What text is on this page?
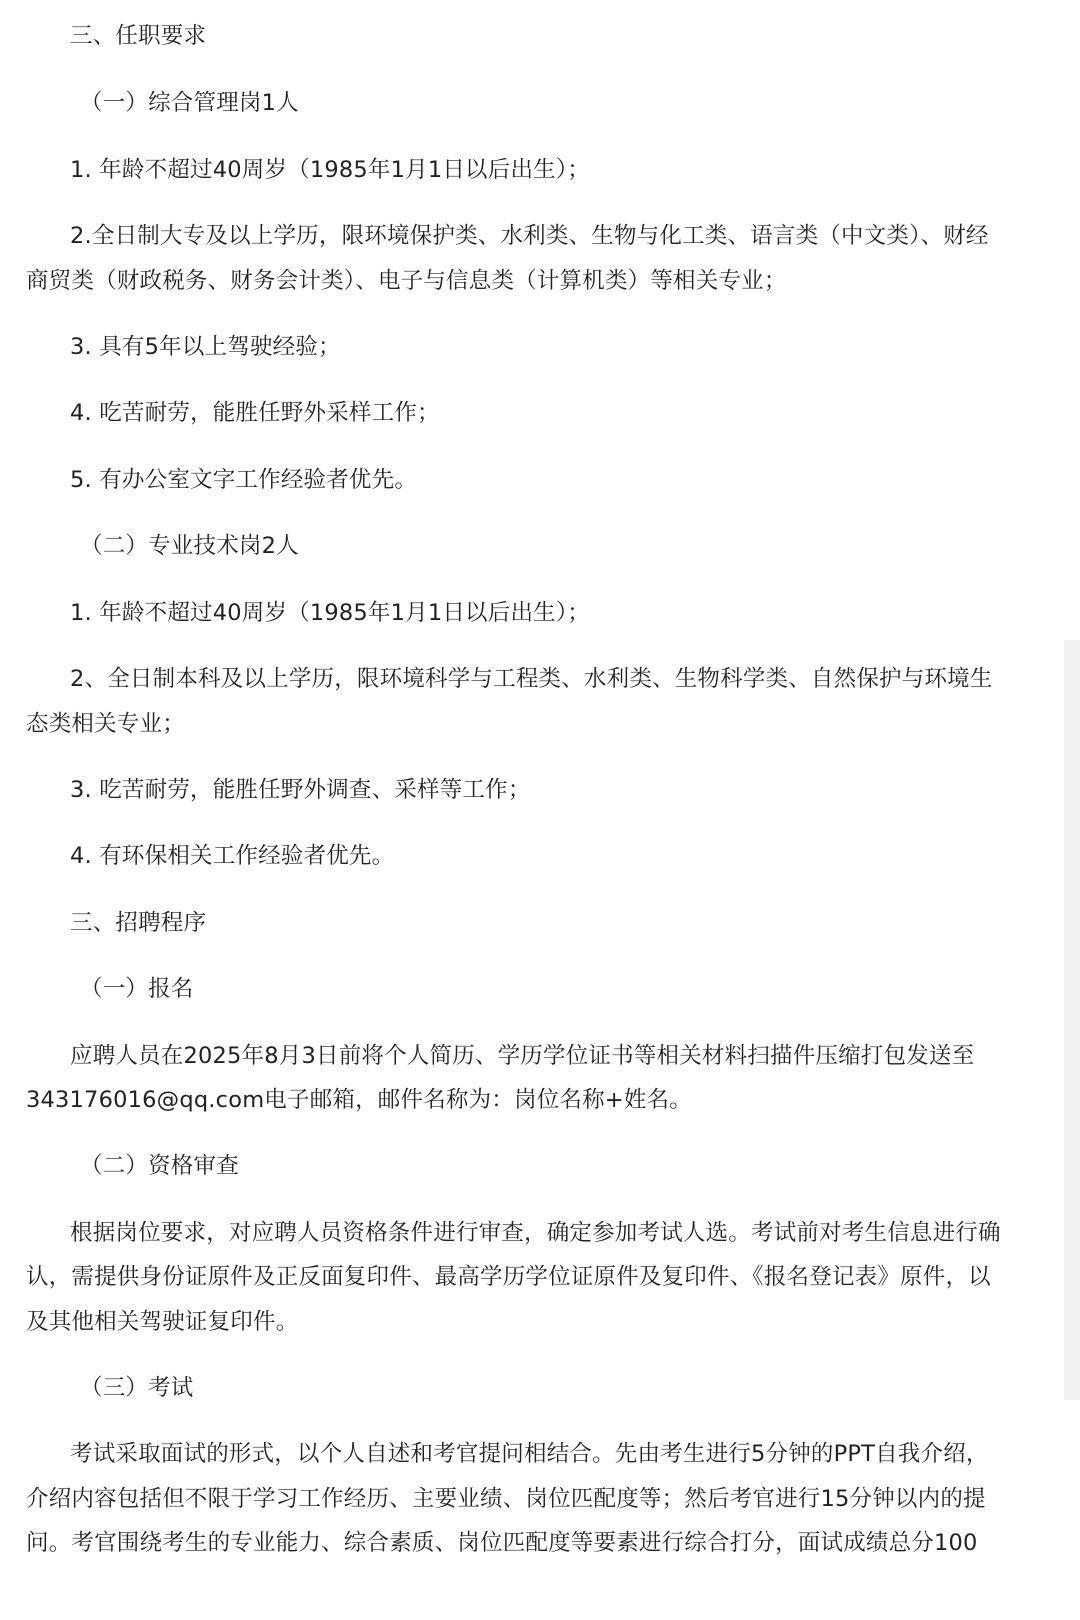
三、任职要求
（一）综合管理岗1人
1. 年龄不超过40周岁（1985年1月1日以后出生）；
2.全日制大专及以上学历，限环境保护类、水利类、生物与化工类、语言类（中文类）、财经
商贸类（财政税务、财务会计类）、电子与信息类（计算机类）等相关专业；
3. 具有5年以上驾驶经验；
4. 吃苦耐劳，能胜任野外采样工作；
5. 有办公室文字工作经验者优先。
（二）专业技术岗2人
1. 年龄不超过40周岁（1985年1月1日以后出生）；
2、全日制本科及以上学历，限环境科学与工程类、水利类、生物科学类、自然保护与环境生
态类相关专业；
3. 吃苦耐劳，能胜任野外调查、采样等工作；
4. 有环保相关工作经验者优先。
三、招聘程序
（一）报名
应聘人员在2025年8月3日前将个人简历、学历学位证书等相关材料扫描件压缩打包发送至
343176016@qq.com电子邮箱，邮件名称为：岗位名称+姓名。
（二）资格审查
根据岗位要求，对应聘人员资格条件进行审查，确定参加考试人选。考试前对考生信息进行确
认，需提供身份证原件及正反面复印件、最高学历学位证原件及复印件、《报名登记表》原件，以
及其他相关驾驶证复印件。
（三）考试
考试采取面试的形式，以个人自述和考官提问相结合。先由考生进行5分钟的PPT自我介绍，
介绍内容包括但不限于学习工作经历、主要业绩、岗位匹配度等；然后考官进行15分钟以内的提
问。考官围绕考生的专业能力、综合素质、岗位匹配度等要素进行综合打分，面试成绩总分100
